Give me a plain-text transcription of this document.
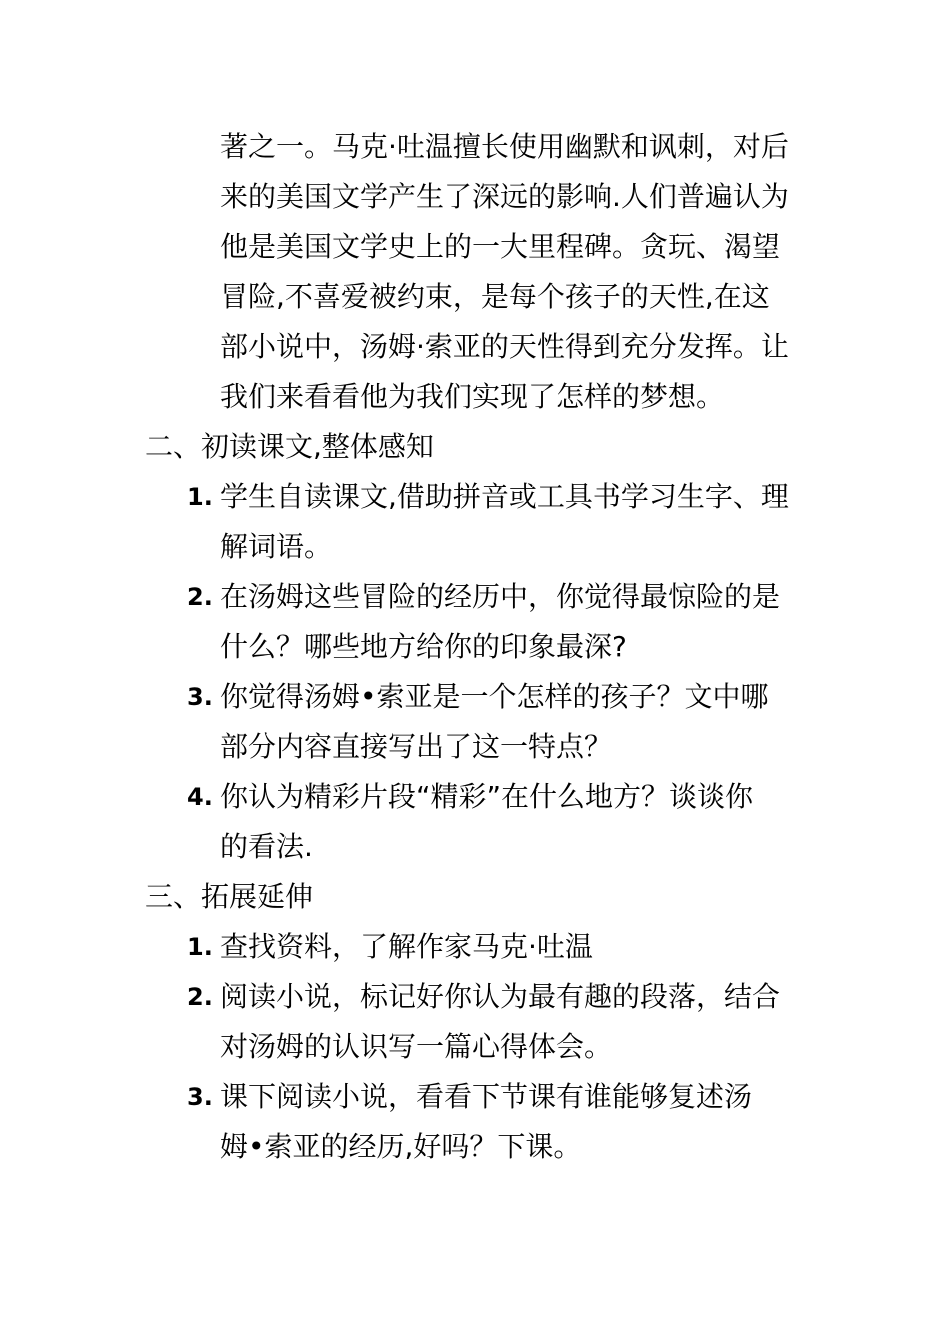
著之一。马克·吐温擅长使用幽默和讽刺，对后
来的美国文学产生了深远的影响.人们普遍认为
他是美国文学史上的一大里程碑。贪玩、渴望
冒险,不喜爱被约束，是每个孩子的天性,在这
部小说中，汤姆·索亚的天性得到充分发挥。让
我们来看看他为我们实现了怎样的梦想。
二、初读课文,整体感知
1. 学生自读课文,借助拼音或工具书学习生字、理
解词语。
2. 在汤姆这些冒险的经历中，你觉得最惊险的是
什么？哪些地方给你的印象最深?
3. 你觉得汤姆•索亚是一个怎样的孩子？文中哪
部分内容直接写出了这一特点？
4. 你认为精彩片段“精彩”在什么地方？谈谈你
的看法.
三、拓展延伸
1. 查找资料，了解作家马克·吐温
2. 阅读小说，标记好你认为最有趣的段落，结合
对汤姆的认识写一篇心得体会。
3. 课下阅读小说，看看下节课有谁能够复述汤
姆•索亚的经历,好吗？下课。
